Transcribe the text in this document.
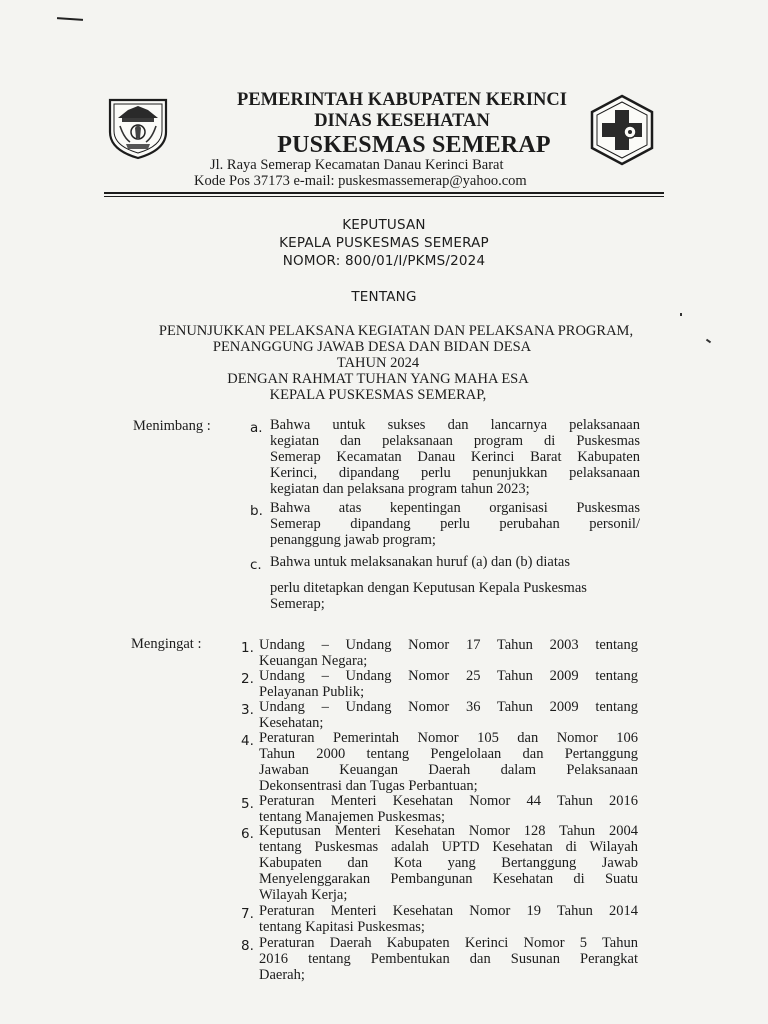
PEMERINTAH KABUPATEN KERINCI
DINAS KESEHATAN
PUSKESMAS SEMERAP
Jl. Raya Semerap Kecamatan Danau Kerinci Barat
Kode Pos 37173 e-mail: puskesmassemerap@yahoo.com
KEPUTUSAN
KEPALA PUSKESMAS SEMERAP
NOMOR: 800/01/I/PKMS/2024
TENTANG
PENUNJUKKAN PELAKSANA KEGIATAN DAN PELAKSANA PROGRAM,
PENANGGUNG JAWAB DESA DAN BIDAN DESA
TAHUN 2024
DENGAN RAHMAT TUHAN YANG MAHA ESA
KEPALA PUSKESMAS SEMERAP,
Menimbang :	a. Bahwa untuk sukses dan lancarnya pelaksanaan
kegiatan dan pelaksanaan program di Puskesmas
Semerap Kecamatan Danau Kerinci Barat Kabupaten
Kerinci, dipandang perlu penunjukkan pelaksanaan
kegiatan dan pelaksana program tahun 2023;
b. Bahwa atas kepentingan organisasi Puskesmas
Semerap dipandang perlu perubahan personil/
penanggung jawab program;
c. Bahwa untuk melaksanakan huruf (a) dan (b) diatas
perlu ditetapkan dengan Keputusan Kepala Puskesmas
Semerap;
Mengingat :	1. Undang – Undang Nomor 17 Tahun 2003 tentang
Keuangan Negara;
2. Undang – Undang Nomor 25 Tahun 2009 tentang
Pelayanan Publik;
3. Undang – Undang Nomor 36 Tahun 2009 tentang
Kesehatan;
4. Peraturan Pemerintah Nomor 105 dan Nomor 106
Tahun 2000 tentang Pengelolaan dan Pertanggung
Jawaban Keuangan Daerah dalam Pelaksanaan
Dekonsentrasi dan Tugas Perbantuan;
5. Peraturan Menteri Kesehatan Nomor 44 Tahun 2016
tentang Manajemen Puskesmas;
6. Keputusan Menteri Kesehatan Nomor 128 Tahun 2004
tentang Puskesmas adalah UPTD Kesehatan di Wilayah
Kabupaten dan Kota yang Bertanggung Jawab
Menyelenggarakan Pembangunan Kesehatan di Suatu
Wilayah Kerja;
7. Peraturan Menteri Kesehatan Nomor 19 Tahun 2014
tentang Kapitasi Puskesmas;
8. Peraturan Daerah Kabupaten Kerinci Nomor 5 Tahun
2016 tentang Pembentukan dan Susunan Perangkat
Daerah;
